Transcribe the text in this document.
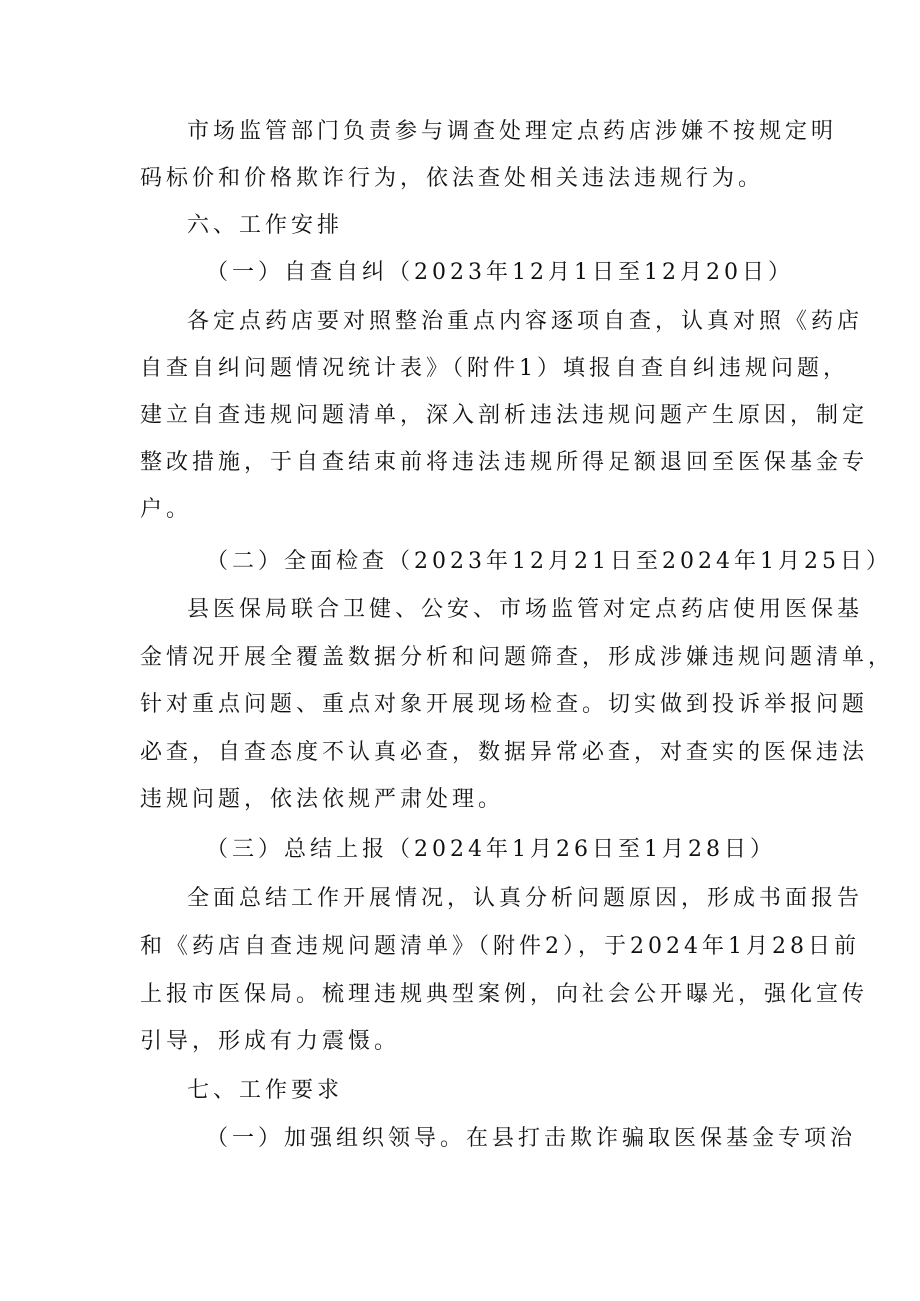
市场监管部门负责参与调查处理定点药店涉嫌不按规定明
码标价和价格欺诈行为，依法查处相关违法违规行为。
六、工作安排
（一）自查自纠（2023年12月1日至12月20日）
各定点药店要对照整治重点内容逐项自查，认真对照《药店
自查自纠问题情况统计表》（附件1）填报自查自纠违规问题，
建立自查违规问题清单，深入剖析违法违规问题产生原因，制定
整改措施，于自查结束前将违法违规所得足额退回至医保基金专
户。
（二）全面检查（2023年12月21日至2024年1月25日）
县医保局联合卫健、公安、市场监管对定点药店使用医保基
金情况开展全覆盖数据分析和问题筛查，形成涉嫌违规问题清单，
针对重点问题、重点对象开展现场检查。切实做到投诉举报问题
必查，自查态度不认真必查，数据异常必查，对查实的医保违法
违规问题，依法依规严肃处理。
（三）总结上报（2024年1月26日至1月28日）
全面总结工作开展情况，认真分析问题原因，形成书面报告
和《药店自查违规问题清单》（附件2），于2024年1月28日前
上报市医保局。梳理违规典型案例，向社会公开曝光，强化宣传
引导，形成有力震慑。
七、工作要求
（一）加强组织领导。在县打击欺诈骗取医保基金专项治
